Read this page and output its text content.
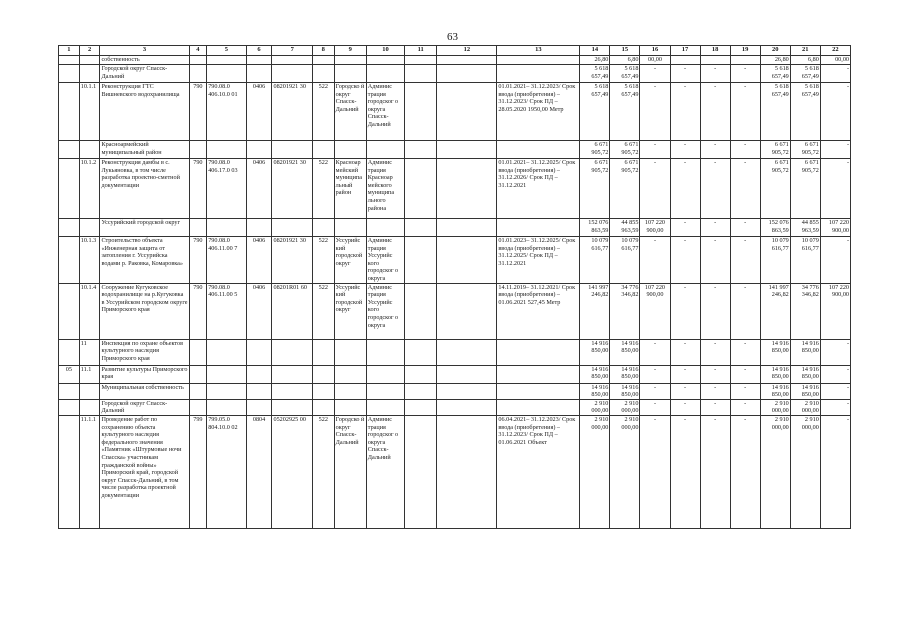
63
1	2	3	4	5	6	7	8	9	10	11	12	13	14	15	16	17	18	19	20	21	22
		собственность											26,80	6,80	00,00				26,80	6,80	00,00
		Городской округ Спасск-Дальний											5 618 657,49	5 618 657,49	-	-	-	-	5 618 657,49	5 618 657,49	-
	10.1.1	Реконструкция ГТС Вишневского водохранилища	790	790.08.0 406.10.0 01	0406	08201921 30	522	Городско й округ Спасск-Дальний	Админис трация городског о округа Спасск-Дальний			01.01.2021– 31.12.2023/ Срок ввода (приобретения) – 31.12.2023/ Срок ПД – 28.05.2020 1950,00 Метр	5 618 657,49	5 618 657,49	-	-	-	-	5 618 657,49	5 618 657,49	-
		Красноармейский муниципальный район											6 671 905,72	6 671 905,72	-	-	-	-	6 671 905,72	6 671 905,72	-
	10.1.2	Реконструкция дамбы в с. Лукьяновка, в том числе разработка проектно-сметной документации	790	790.08.0 406.17.0 03	0406	08201921 30	522	Красноар мейский муниципа льный район	Админис трация Красноар мейского муниципа льного района			01.01.2021– 31.12.2025/ Срок ввода (приобретения) – 31.12.2026/ Срок ПД – 31.12.2021	6 671 905,72	6 671 905,72	-	-	-	-	6 671 905,72	6 671 905,72	-
		Уссурийский городской округ											152 076 863,59	44 855 963,59	107 220 900,00	-	-	-	152 076 863,59	44 855 963,59	107 220 900,00
	10.1.3	Строительство объекта «Инженерная защита от затопления г. Уссурийска водами р. Раковка, Комаровка»	790	790.08.0 406.11.00 7	0406	08201921 30	522	Уссурийс кий городской округ	Админис трация Уссурийс кого городског о округа			01.01.2023– 31.12.2025/ Срок ввода (приобретения) – 31.12.2025/ Срок ПД – 31.12.2021	10 079 616,77	10 079 616,77	-	-	-	-	10 079 616,77	10 079 616,77	-
	10.1.4	Сооружение Кугуковское водохранилище на р.Кугуковка в Уссурийском городском округе Приморского края	790	790.08.0 406.11.00 5	0406	08201R01 60	522	Уссурийс кий городской округ	Админис трация Уссурийс кого городског о округа			14.11.2019– 31.12.2021/ Срок ввода (приобретения) – 01.06.2021 527,45 Метр	141 997 246,82	34 776 346,82	107 220 900,00	-	-	-	141 997 246,82	34 776 346,82	107 220 900,00
	11	Инспекция по охране объектов культурного наследия Приморского края											14 916 850,00	14 916 850,00	-	-	-	-	14 916 850,00	14 916 850,00	-
05	11.1	Развитие культуры Приморского края											14 916 850,00	14 916 850,00	-	-	-	-	14 916 850,00	14 916 850,00	-
		Муниципальная собственность											14 916 850,00	14 916 850,00	-	-	-	-	14 916 850,00	14 916 850,00	-
		Городской округ Спасск-Дальний											2 910 000,00	2 910 000,00	-	-	-	-	2 910 000,00	2 910 000,00	-
	11.1.1	Проведение работ по сохранению объекта культурного наследия федерального значения «Памятник «Штурмовые ночи Спасска» участникам гражданской войны» Приморский край, городской округ Спасск-Дальний, в том числе разработка проектной документации	799	799.05.0 804.10.0 02	0804	05202925 00	522	Городско й округ Спасск-Дальний	Админис трация городског о округа Спасск-Дальний			06.04.2021– 31.12.2023/ Срок ввода (приобретения) – 31.12.2023/ Срок ПД – 01.06.2021 Объект	2 910 000,00	2 910 000,00	-	-	-	-	2 910 000,00	2 910 000,00	-
